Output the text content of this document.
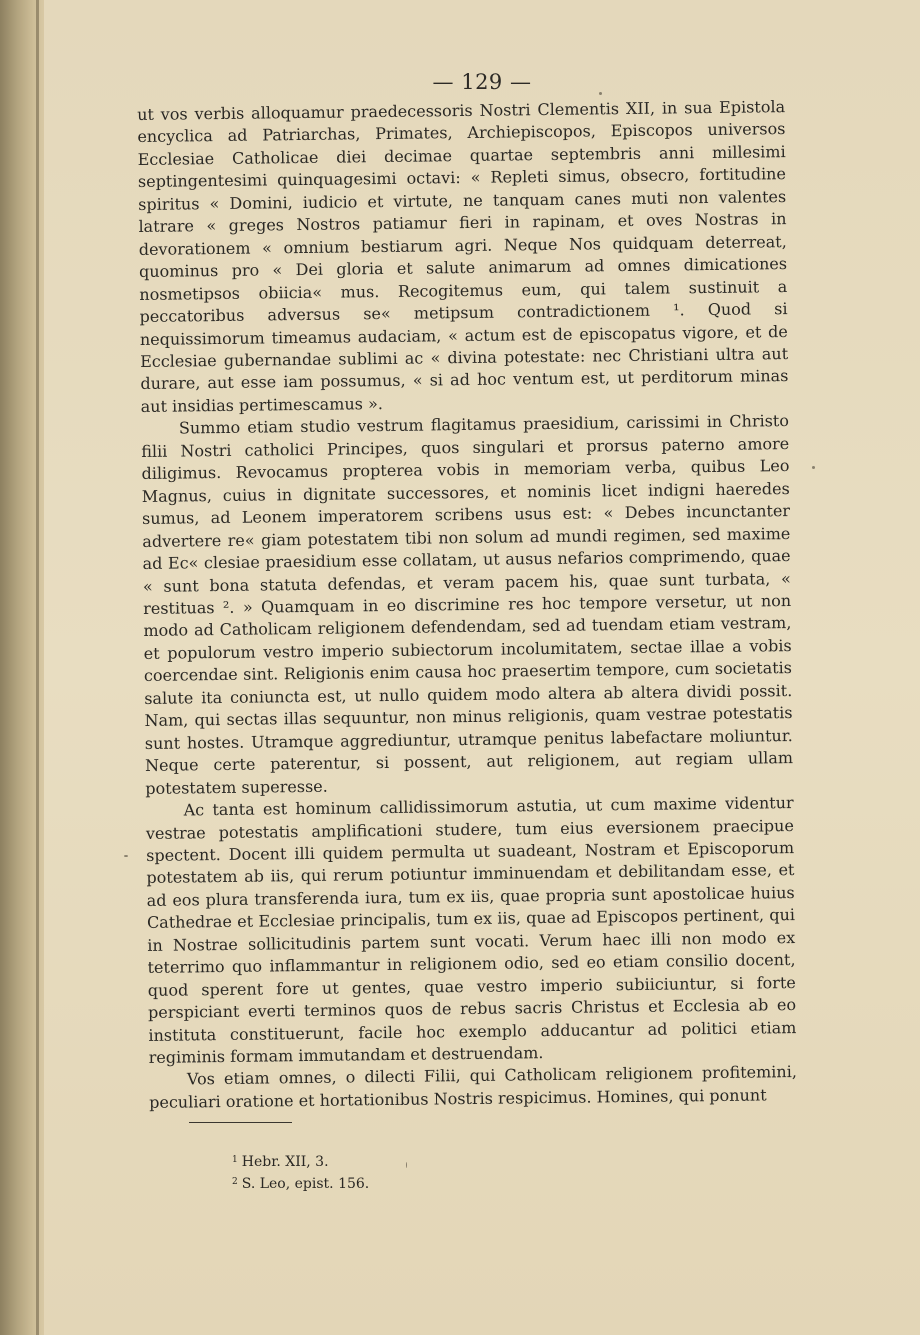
— 129 —

ut vos verbis alloquamur praedecessoris Nostri Clementis XII, in sua Epistola encyclica ad Patriarchas, Primates, Archiepiscopos, Episcopos universos Ecclesiae Catholicae diei decimae quartae septembris anni millesimi septingentesimi quinquagesimi octavi: « Repleti simus, obsecro, fortitudine spiritus « Domini, iudicio et virtute, ne tanquam canes muti non valentes latrare « greges Nostros patiamur fieri in rapinam, et oves Nostras in devorationem « omnium bestiarum agri. Neque Nos quidquam deterreat, quominus pro « Dei gloria et salute animarum ad omnes dimicationes nosmetipsos obiicia« mus. Recogitemus eum, qui talem sustinuit a peccatoribus adversus se« metipsum contradictionem ¹. Quod si nequissimorum timeamus audaciam, « actum est de episcopatus vigore, et de Ecclesiae gubernandae sublimi ac « divina potestate: nec Christiani ultra aut durare, aut esse iam possumus, « si ad hoc ventum est, ut perditorum minas aut insidias pertimescamus ».

Summo etiam studio vestrum flagitamus praesidium, carissimi in Christo filii Nostri catholici Principes, quos singulari et prorsus paterno amore diligimus. Revocamus propterea vobis in memoriam verba, quibus Leo Magnus, cuius in dignitate successores, et nominis licet indigni haeredes sumus, ad Leonem imperatorem scribens usus est: « Debes incunctanter advertere re« giam potestatem tibi non solum ad mundi regimen, sed maxime ad Ec« clesiae praesidium esse collatam, ut ausus nefarios comprimendo, quae « sunt bona statuta defendas, et veram pacem his, quae sunt turbata, « restituas ². » Quamquam in eo discrimine res hoc tempore versetur, ut non modo ad Catholicam religionem defendendam, sed ad tuendam etiam vestram, et populorum vestro imperio subiectorum incolumitatem, sectae illae a vobis coercendae sint. Religionis enim causa hoc praesertim tempore, cum societatis salute ita coniuncta est, ut nullo quidem modo altera ab altera dividi possit. Nam, qui sectas illas sequuntur, non minus religionis, quam vestrae potestatis sunt hostes. Utramque aggrediuntur, utramque penitus labefactare moliuntur. Neque certe paterentur, si possent, aut religionem, aut regiam ullam potestatem superesse.

Ac tanta est hominum callidissimorum astutia, ut cum maxime videntur vestrae potestatis amplificationi studere, tum eius eversionem praecipue spectent. Docent illi quidem permulta ut suadeant, Nostram et Episcoporum potestatem ab iis, qui rerum potiuntur imminuendam et debilitandam esse, et ad eos plura transferenda iura, tum ex iis, quae propria sunt apostolicae huius Cathedrae et Ecclesiae principalis, tum ex iis, quae ad Episcopos pertinent, qui in Nostrae sollicitudinis partem sunt vocati. Verum haec illi non modo ex teterrimo quo inflammantur in religionem odio, sed eo etiam consilio docent, quod sperent fore ut gentes, quae vestro imperio subiiciuntur, si forte perspiciant everti terminos quos de rebus sacris Christus et Ecclesia ab eo instituta constituerunt, facile hoc exemplo adducantur ad politici etiam regiminis formam immutandam et destruendam.

Vos etiam omnes, o dilecti Filii, qui Catholicam religionem profitemini, peculiari oratione et hortationibus Nostris respicimus. Homines, qui ponunt

$^1$ Hebr. XII, 3.
$^2$ S. Leo, epist. 156.
